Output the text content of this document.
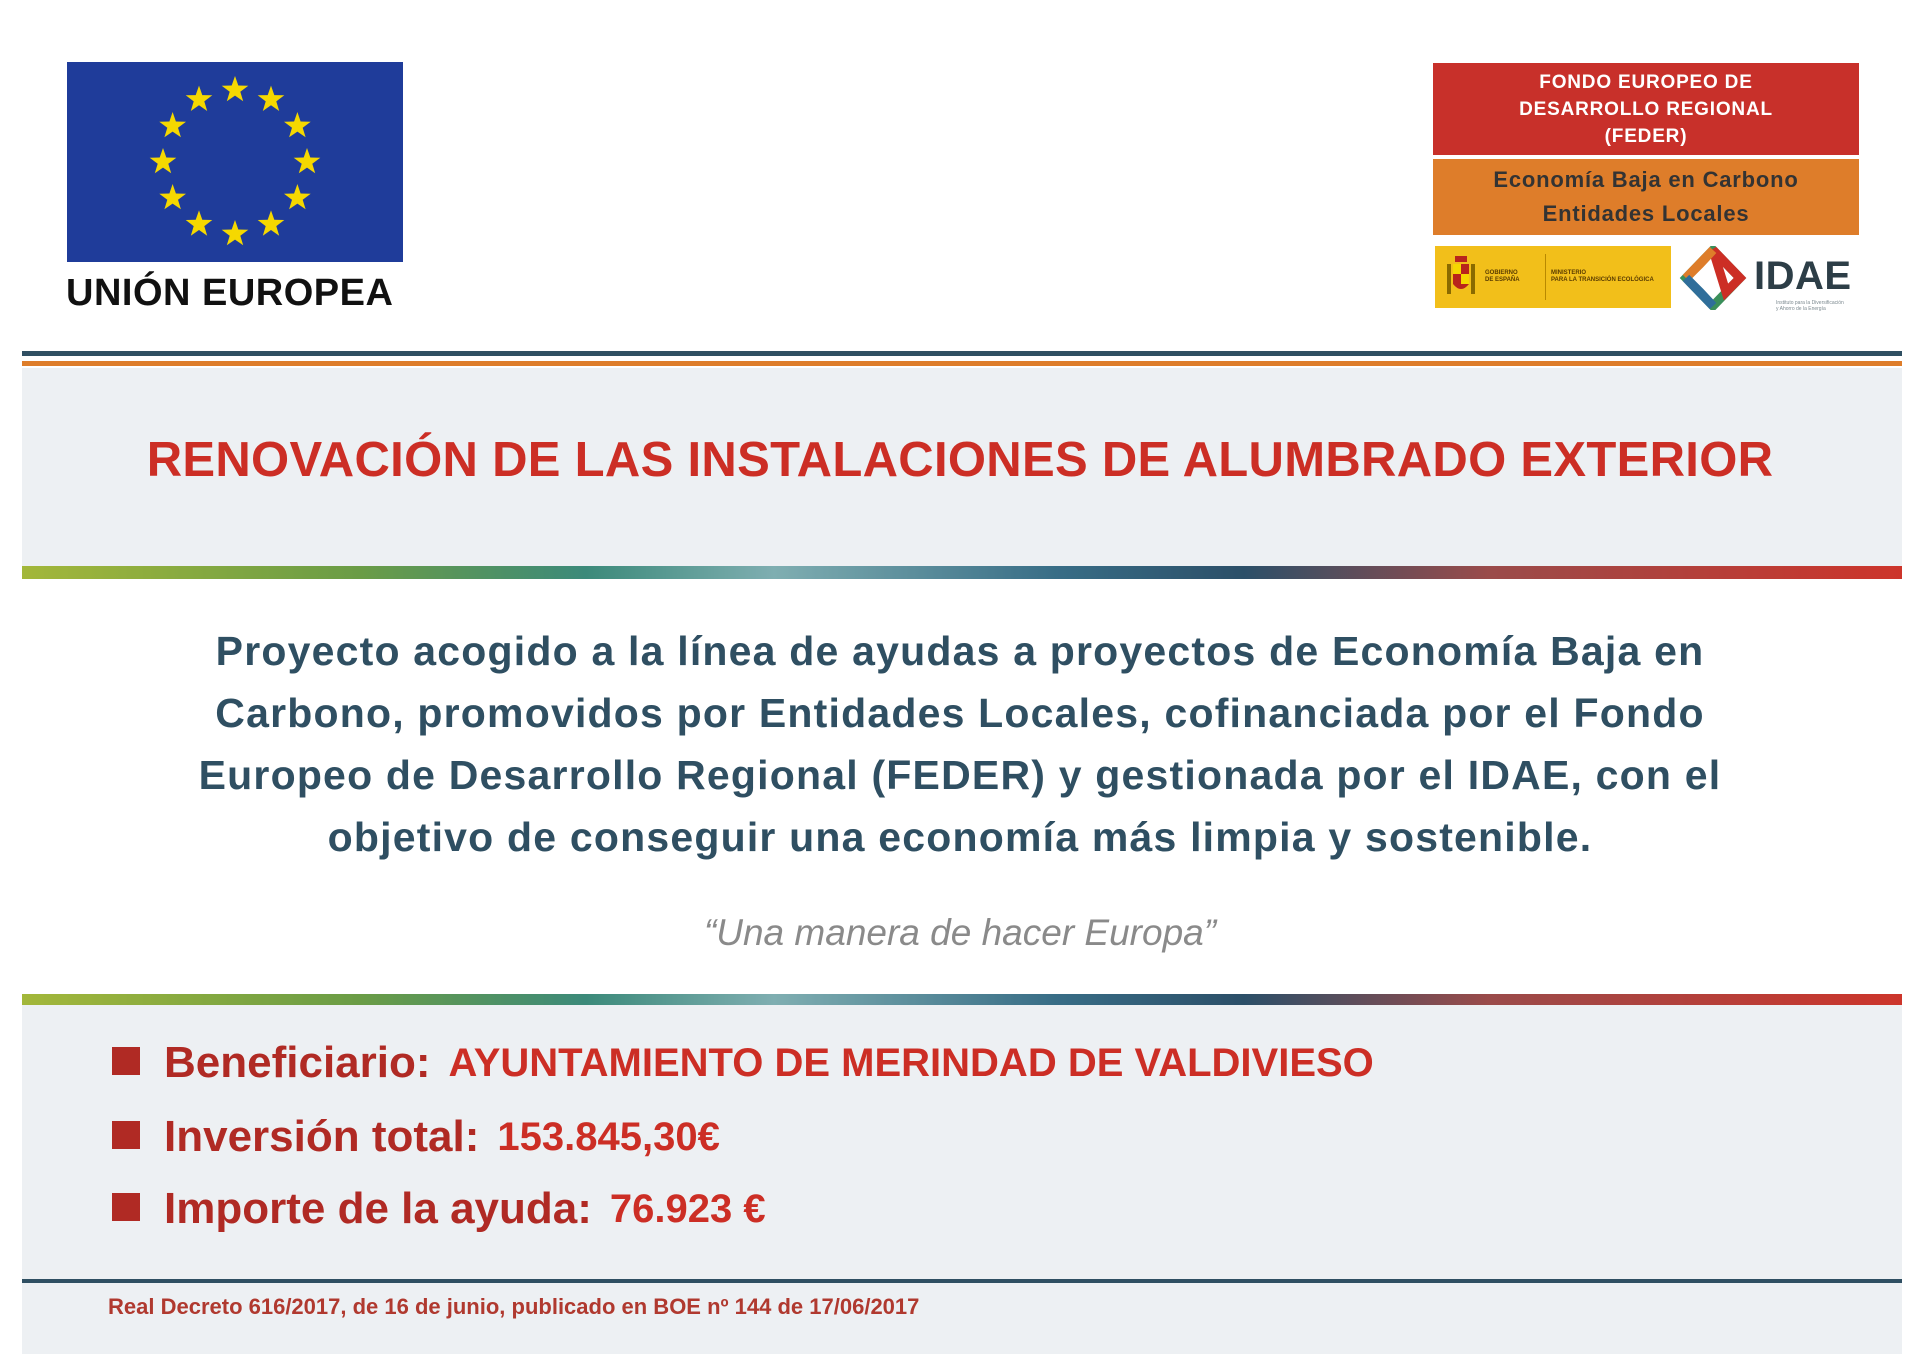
UNIÓN EUROPEA
FONDO EUROPEO DE
DESARROLLO REGIONAL
(FEDER)
Economía Baja en Carbono
Entidades Locales
GOBIERNO
DE ESPAÑA
MINISTERIO
PARA LA TRANSICIÓN ECOLÓGICA	IDAE
Instituto para la Diversificación
y Ahorro de la Energía
RENOVACIÓN DE LAS INSTALACIONES DE ALUMBRADO EXTERIOR
Proyecto acogido a la línea de ayudas a proyectos de Economía Baja en
Carbono, promovidos por Entidades Locales, cofinanciada por el Fondo
Europeo de Desarrollo Regional (FEDER) y gestionada por el IDAE, con el
objetivo de conseguir una economía más limpia y sostenible.
“Una manera de hacer Europa”
Beneficiario: AYUNTAMIENTO DE MERINDAD DE VALDIVIESO
Inversión total: 153.845,30€
Importe de la ayuda: 76.923 €
Real Decreto 616/2017, de 16 de junio, publicado en BOE nº 144 de 17/06/2017
